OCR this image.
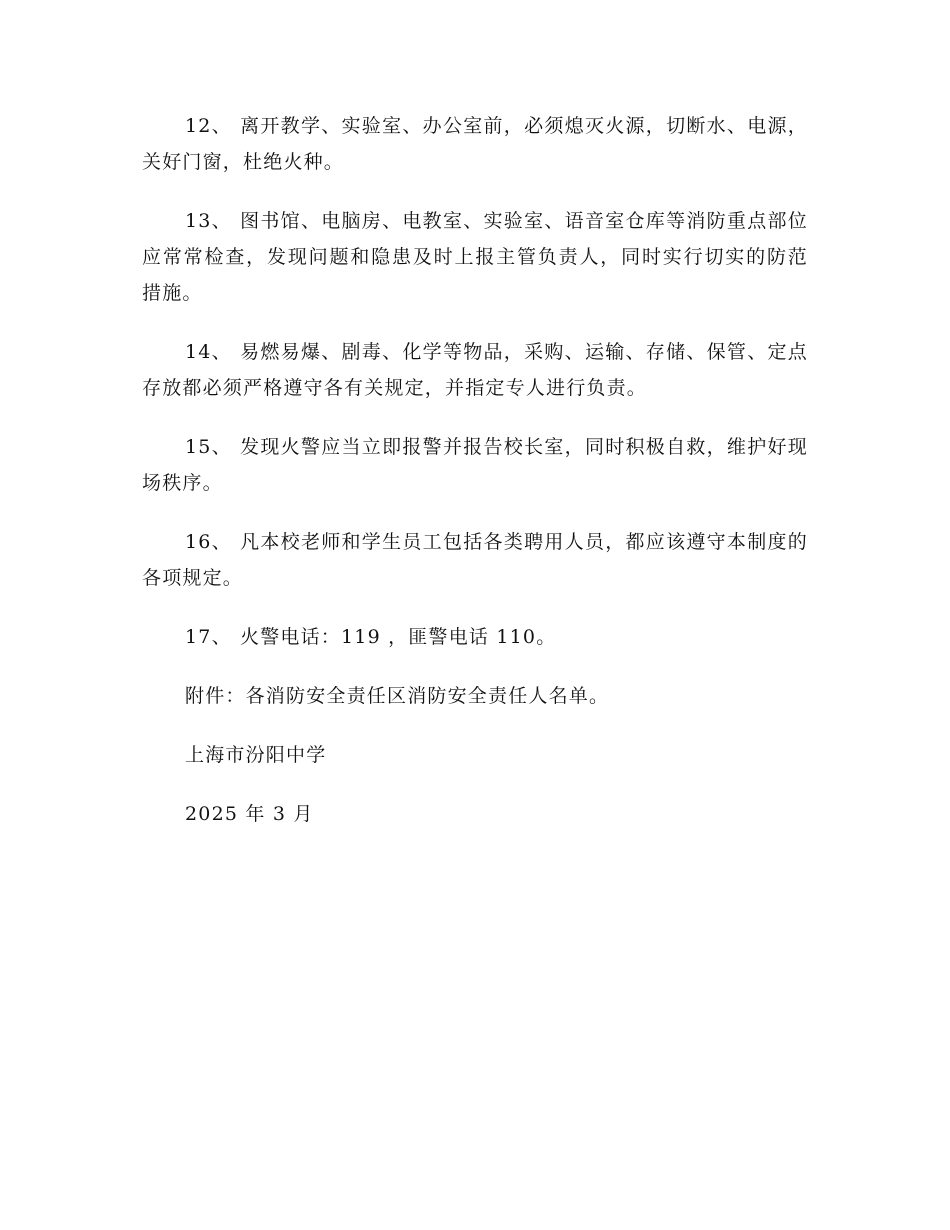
12、 离开教学、实验室、办公室前，必须熄灭火源，切断水、电源，关好门窗，杜绝火种。

13、 图书馆、电脑房、电教室、实验室、语音室仓库等消防重点部位应常常检查，发现问题和隐患及时上报主管负责人，同时实行切实的防范措施。

14、 易燃易爆、剧毒、化学等物品，采购、运输、存储、保管、定点存放都必须严格遵守各有关规定，并指定专人进行负责。

15、 发现火警应当立即报警并报告校长室，同时积极自救，维护好现场秩序。

16、 凡本校老师和学生员工包括各类聘用人员，都应该遵守本制度的各项规定。

17、 火警电话：119 ，匪警电话 110。

附件：各消防安全责任区消防安全责任人名单。

上海市汾阳中学

2025 年 3 月
